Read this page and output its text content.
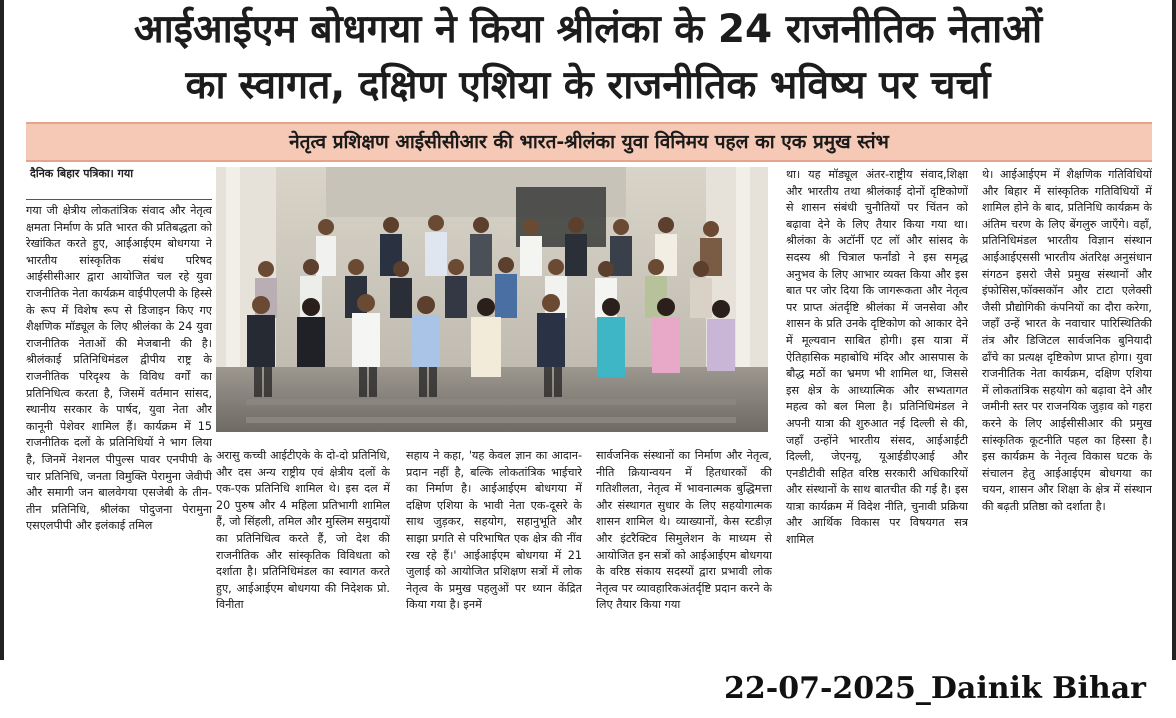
आईआईएम बोधगया ने किया श्रीलंका के 24 राजनीतिक नेताओं
का स्वागत, दक्षिण एशिया के राजनीतिक भविष्य पर चर्चा
नेतृत्व प्रशिक्षण आईसीसीआर की भारत-श्रीलंका युवा विनिमय पहल का एक प्रमुख स्तंभ
दैनिक बिहार पत्रिका। गया

गया जी क्षेत्रीय लोकतांत्रिक संवाद और नेतृत्व क्षमता निर्माण के प्रति भारत की प्रतिबद्धता को रेखांकित करते हुए, आईआईएम बोधगया ने भारतीय सांस्कृतिक संबंध परिषद आईसीसीआर द्वारा आयोजित चल रहे युवा राजनीतिक नेता कार्यक्रम वाईपीएलपी के हिस्से के रूप में विशेष रूप से डिजाइन किए गए शैक्षणिक मॉड्यूल के लिए श्रीलंका के 24 युवा राजनीतिक नेताओं की मेजबानी की है। श्रीलंकाई प्रतिनिधिमंडल द्वीपीय राष्ट्र के राजनीतिक परिदृश्य के विविध वर्गों का प्रतिनिधित्व करता है, जिसमें वर्तमान सांसद, स्थानीय सरकार के पार्षद, युवा नेता और कानूनी पेशेवर शामिल हैं। कार्यक्रम में 15 राजनीतिक दलों के प्रतिनिधियों ने भाग लिया है, जिनमें नेशनल पीपुल्स पावर एनपीपी के चार प्रतिनिधि, जनता विमुक्ति पेरामुना जेवीपी और समागी जन बालवेगया एसजेबी के तीन-तीन प्रतिनिधि, श्रीलंका पोदुजना पेरामुना एसएलपीपी और इलंकाई तमिल

अरासु कच्ची आईटीएके के दो-दो प्रतिनिधि, और दस अन्य राष्ट्रीय एवं क्षेत्रीय दलों के एक-एक प्रतिनिधि शामिल थे। इस दल में 20 पुरुष और 4 महिला प्रतिभागी शामिल हैं, जो सिंहली, तमिल और मुस्लिम समुदायों का प्रतिनिधित्व करते हैं, जो देश की राजनीतिक और सांस्कृतिक विविधता को दर्शाता है। प्रतिनिधिमंडल का स्वागत करते हुए, आईआईएम बोधगया की निदेशक प्रो. विनीता

सहाय ने कहा, 'यह केवल ज्ञान का आदान-प्रदान नहीं है, बल्कि लोकतांत्रिक भाईचारे का निर्माण है। आईआईएम बोधगया में दक्षिण एशिया के भावी नेता एक-दूसरे के साथ जुड़कर, सहयोग, सहानुभूति और साझा प्रगति से परिभाषित एक क्षेत्र की नींव रख रहे हैं।' आईआईएम बोधगया में 21 जुलाई को आयोजित प्रशिक्षण सत्रों में लोक नेतृत्व के प्रमुख पहलुओं पर ध्यान केंद्रित किया गया है। इनमें

सार्वजनिक संस्थानों का निर्माण और नेतृत्व, नीति क्रियान्वयन में हितधारकों की गतिशीलता, नेतृत्व में भावनात्मक बुद्धिमत्ता और संस्थागत सुधार के लिए सहयोगात्मक शासन शामिल थे। व्याख्यानों, केस स्टडीज़ और इंटरैक्टिव सिमुलेशन के माध्यम से आयोजित इन सत्रों को आईआईएम बोधगया के वरिष्ठ संकाय सदस्यों द्वारा प्रभावी लोक नेतृत्व पर व्यावहारिकअंतर्दृष्टि प्रदान करने के लिए तैयार किया गया

था। यह मॉड्यूल अंतर-राष्ट्रीय संवाद,शिक्षा और भारतीय तथा श्रीलंकाई दोनों दृष्टिकोणों से शासन संबंधी चुनौतियों पर चिंतन को बढ़ावा देने के लिए तैयार किया गया था।श्रीलंका के अटॉर्नी एट लॉ और सांसद के सदस्य श्री चित्राल फर्नांडो ने इस समृद्ध अनुभव के लिए आभार व्यक्त किया और इस बात पर जोर दिया कि जागरूकता और नेतृत्व पर प्राप्त अंतर्दृष्टि श्रीलंका में जनसेवा और शासन के प्रति उनके दृष्टिकोण को आकार देने में मूल्यवान साबित होगी। इस यात्रा में ऐतिहासिक महाबोधि मंदिर और आसपास के बौद्ध मठों का भ्रमण भी शामिल था, जिससे इस क्षेत्र के आध्यात्मिक और सभ्यतागत महत्व को बल मिला है। प्रतिनिधिमंडल ने अपनी यात्रा की शुरुआत नई दिल्ली से की, जहाँ उन्होंने भारतीय संसद, आईआईटी दिल्ली, जेएनयू, यूआईडीएआई और एनडीटीवी सहित वरिष्ठ सरकारी अधिकारियों और संस्थानों के साथ बातचीत की गई है। इस यात्रा कार्यक्रम में विदेश नीति, चुनावी प्रक्रिया और आर्थिक विकास पर विषयगत सत्र शामिल

थे। आईआईएम में शैक्षणिक गतिविधियों और बिहार में सांस्कृतिक गतिविधियों में शामिल होने के बाद, प्रतिनिधि कार्यक्रम के अंतिम चरण के लिए बेंगलुरु जाएँगे। वहाँ, प्रतिनिधिमंडल भारतीय विज्ञान संस्थान आईआईएससी भारतीय अंतरिक्ष अनुसंधान संगठन इसरो जैसे प्रमुख संस्थानों और इंफोसिस,फॉक्सकॉन और टाटा एलेक्सी जैसी प्रौद्योगिकी कंपनियों का दौरा करेगा, जहाँ उन्हें भारत के नवाचार पारिस्थितिकी तंत्र और डिजिटल सार्वजनिक बुनियादी ढाँचे का प्रत्यक्ष दृष्टिकोण प्राप्त होगा। युवा राजनीतिक नेता कार्यक्रम, दक्षिण एशिया में लोकतांत्रिक सहयोग को बढ़ावा देने और जमीनी स्तर पर राजनयिक जुड़ाव को गहरा करने के लिए आईसीसीआर की प्रमुख सांस्कृतिक कूटनीति पहल का हिस्सा है। इस कार्यक्रम के नेतृत्व विकास घटक के संचालन हेतु आईआईएम बोधगया का चयन, शासन और शिक्षा के क्षेत्र में संस्थान की बढ़ती प्रतिष्ठा को दर्शाता है।

22-07-2025_Dainik Bihar
